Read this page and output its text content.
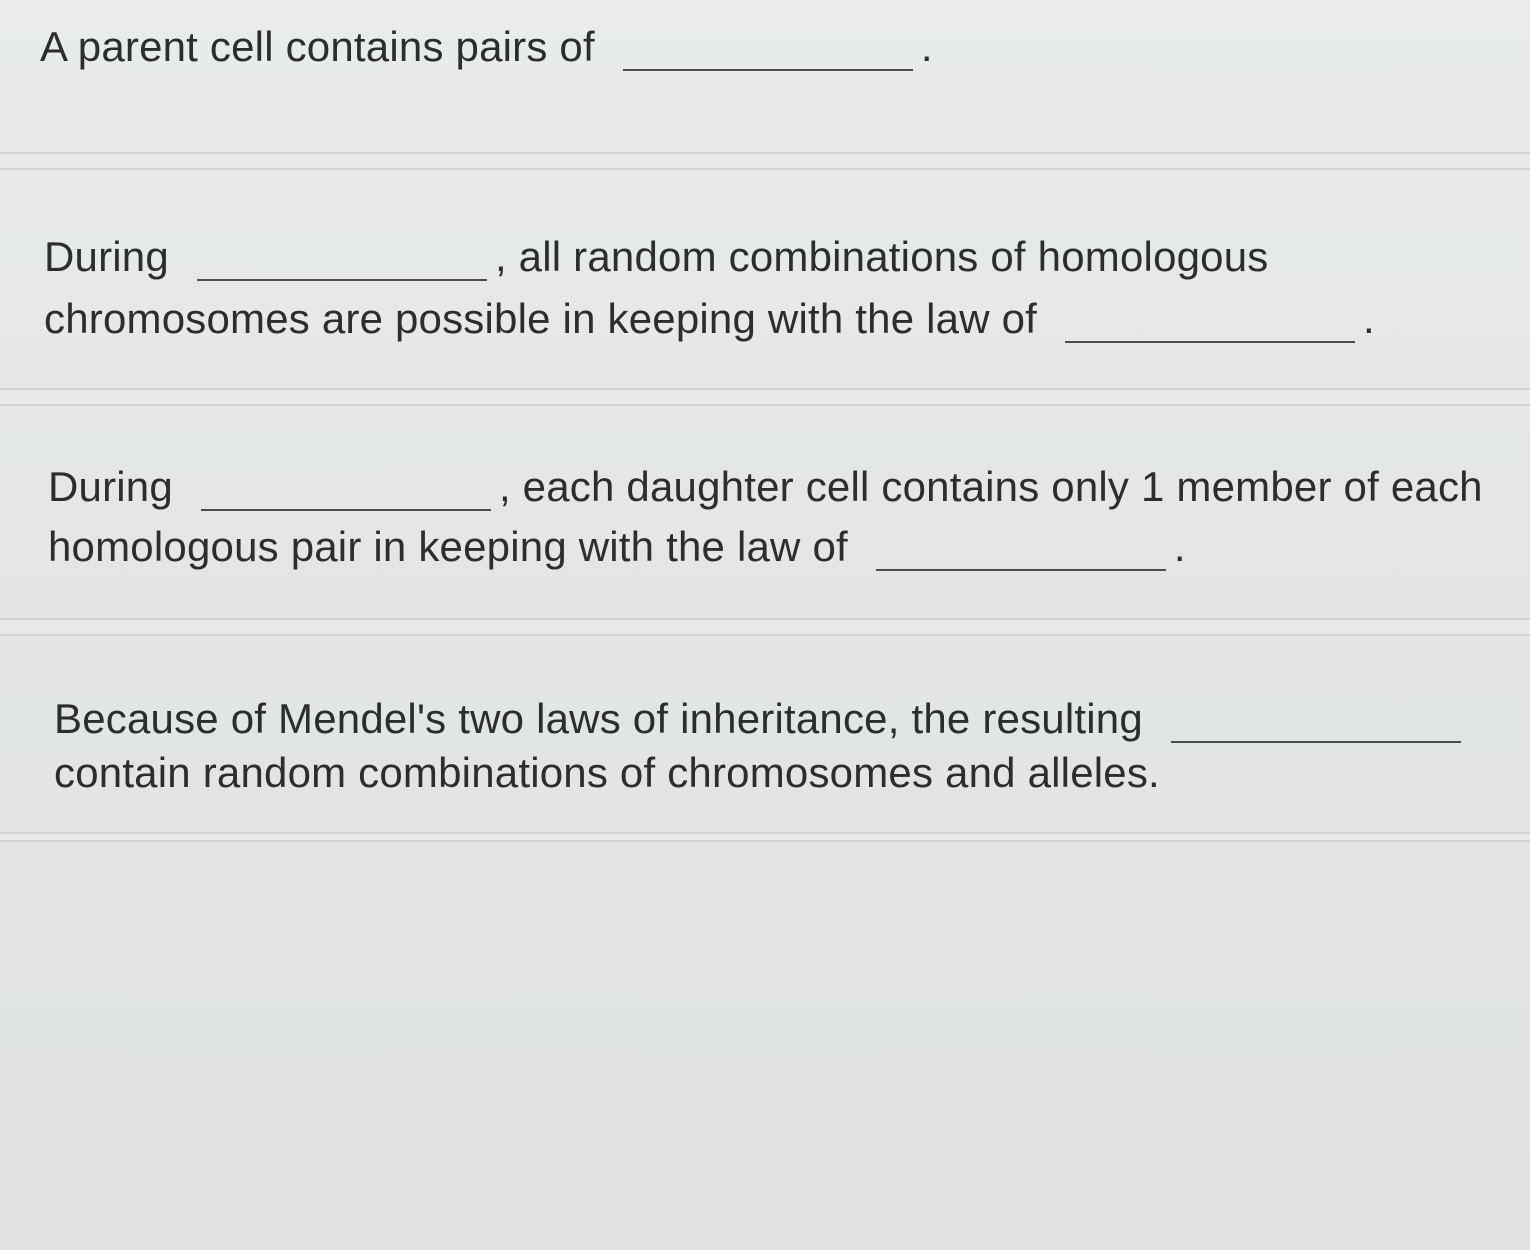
A parent cell contains pairs of	.
During	, all random combinations of homologous
chromosomes are possible in keeping with the law of	.
During	, each daughter cell contains only 1 member of each
homologous pair in keeping with the law of	.
Because of Mendel's two laws of inheritance, the resulting
contain random combinations of chromosomes and alleles.
